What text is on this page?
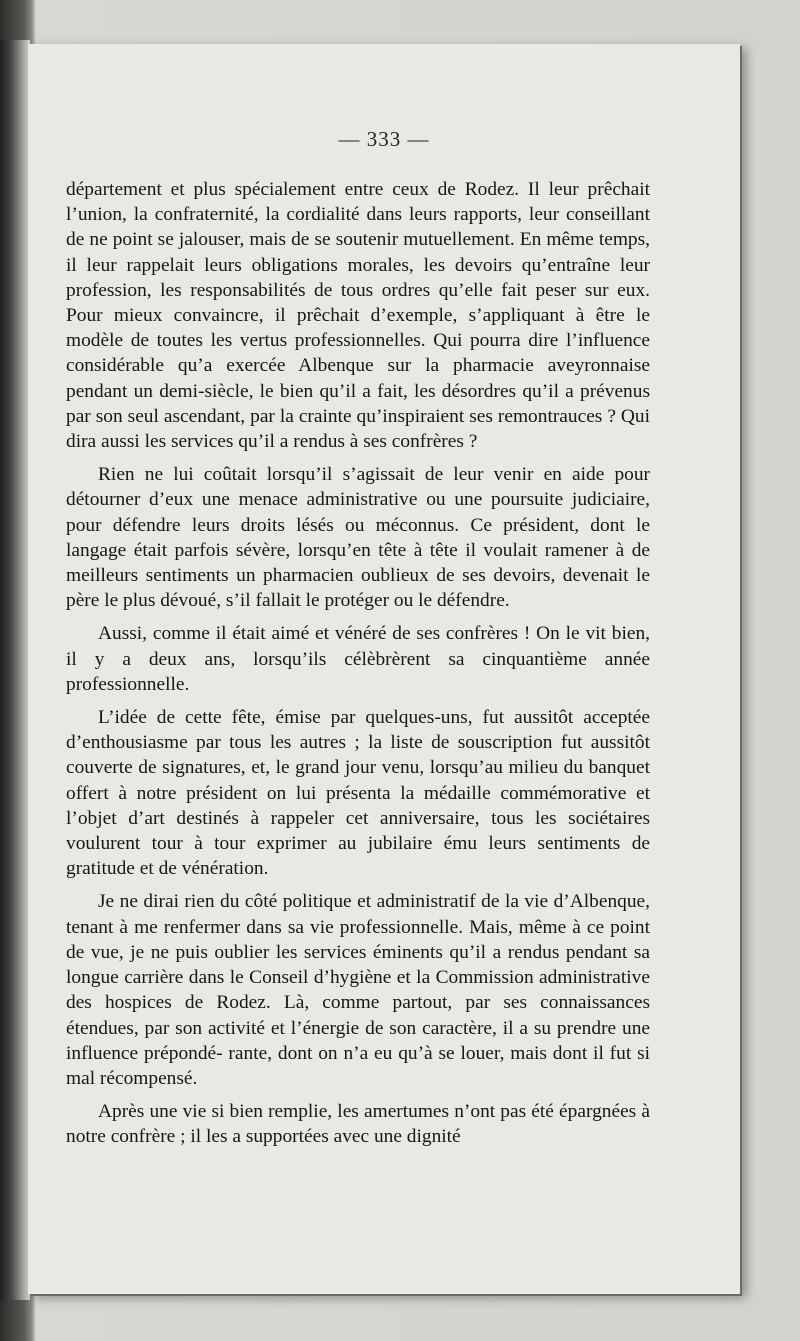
— 333 —

département et plus spécialement entre ceux de Rodez. Il leur prêchait l’union, la confraternité, la cordialité dans leurs rapports, leur conseillant de ne point se jalouser, mais de se soutenir mutuellement. En même temps, il leur rappelait leurs obligations morales, les devoirs qu’entraîne leur profession, les responsabilités de tous ordres qu’elle fait peser sur eux. Pour mieux convaincre, il prêchait d’exemple, s’appliquant à être le modèle de toutes les vertus professionnelles. Qui pourra dire l’influence considérable qu’a exercée Albenque sur la pharmacie aveyronnaise pendant un demi-siècle, le bien qu’il a fait, les désordres qu’il a prévenus par son seul ascendant, par la crainte qu’inspiraient ses remontrauces ? Qui dira aussi les services qu’il a rendus à ses confrères ?

Rien ne lui coûtait lorsqu’il s’agissait de leur venir en aide pour détourner d’eux une menace administrative ou une poursuite judiciaire, pour défendre leurs droits lésés ou méconnus. Ce président, dont le langage était parfois sévère, lorsqu’en tête à tête il voulait ramener à de meilleurs sentiments un pharmacien oublieux de ses devoirs, devenait le père le plus dévoué, s’il fallait le protéger ou le défendre.

Aussi, comme il était aimé et vénéré de ses confrères ! On le vit bien, il y a deux ans, lorsqu’ils célèbrèrent sa cinquantième année professionnelle.

L’idée de cette fête, émise par quelques-uns, fut aussitôt acceptée d’enthousiasme par tous les autres ; la liste de souscription fut aussitôt couverte de signatures, et, le grand jour venu, lorsqu’au milieu du banquet offert à notre président on lui présenta la médaille commémorative et l’objet d’art destinés à rappeler cet anniversaire, tous les sociétaires voulurent tour à tour exprimer au jubilaire ému leurs sentiments de gratitude et de vénération.

Je ne dirai rien du côté politique et administratif de la vie d’Albenque, tenant à me renfermer dans sa vie professionnelle. Mais, même à ce point de vue, je ne puis oublier les services éminents qu’il a rendus pendant sa longue carrière dans le Conseil d’hygiène et la Commission administrative des hospices de Rodez. Là, comme partout, par ses connaissances étendues, par son activité et l’énergie de son caractère, il a su prendre une influence prépondé- rante, dont on n’a eu qu’à se louer, mais dont il fut si mal récompensé.

Après une vie si bien remplie, les amertumes n’ont pas été épargnées à notre confrère ; il les a supportées avec une dignité
